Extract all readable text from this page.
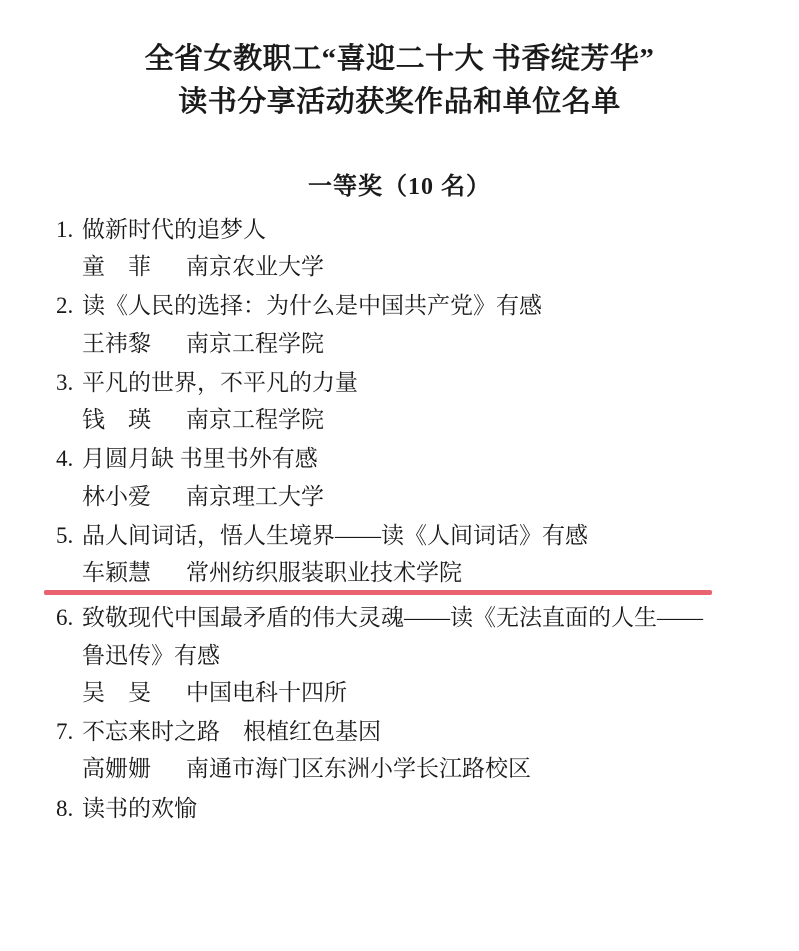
全省女教职工“喜迎二十大 书香绽芳华”
读书分享活动获奖作品和单位名单
一等奖（10 名）
1. 做新时代的追梦人
童　菲 南京农业大学
2. 读《人民的选择：为什么是中国共产党》有感
王祎黎 南京工程学院
3. 平凡的世界，不平凡的力量
钱　瑛 南京工程学院
4. 月圆月缺 书里书外有感
林小爱 南京理工大学
5. 品人间词话，悟人生境界——读《人间词话》有感
车颖慧 常州纺织服装职业技术学院
6. 致敬现代中国最矛盾的伟大灵魂——读《无法直面的人生——
鲁迅传》有感
吴　旻 中国电科十四所
7. 不忘来时之路　根植红色基因
高姗姗 南通市海门区东洲小学长江路校区
8. 读书的欢愉
